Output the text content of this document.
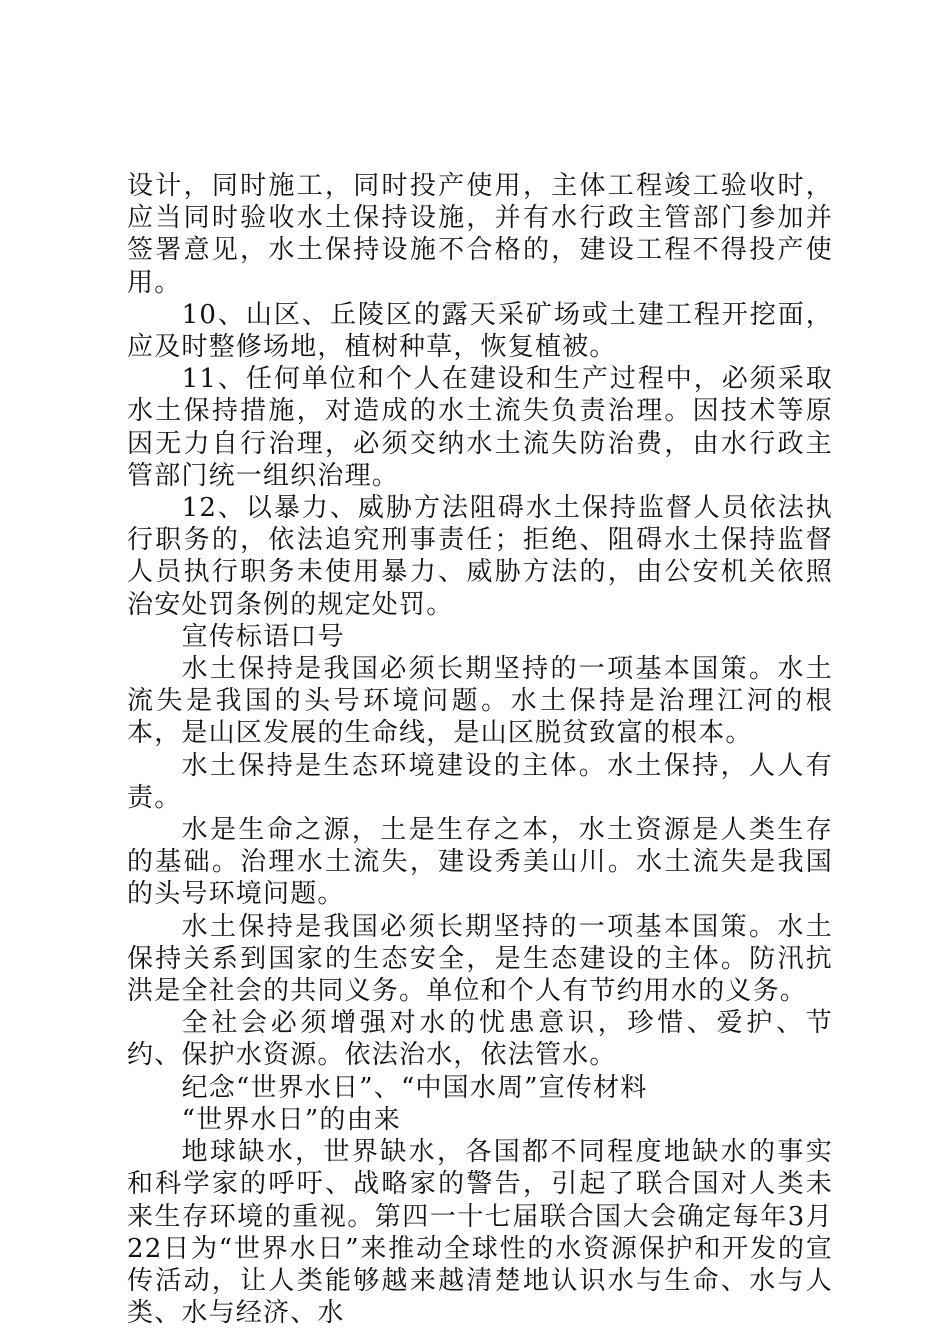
设计，同时施工，同时投产使用，主体工程竣工验收时，应当同时验收水土保持设施，并有水行政主管部门参加并签署意见，水土保持设施不合格的，建设工程不得投产使用。

10、山区、丘陵区的露天采矿场或土建工程开挖面，应及时整修场地，植树种草，恢复植被。

11、任何单位和个人在建设和生产过程中，必须采取水土保持措施，对造成的水土流失负责治理。因技术等原因无力自行治理，必须交纳水土流失防治费，由水行政主管部门统一组织治理。

12、以暴力、威胁方法阻碍水土保持监督人员依法执行职务的，依法追究刑事责任；拒绝、阻碍水土保持监督人员执行职务未使用暴力、威胁方法的，由公安机关依照治安处罚条例的规定处罚。

宣传标语口号

水土保持是我国必须长期坚持的一项基本国策。水土流失是我国的头号环境问题。水土保持是治理江河的根本，是山区发展的生命线，是山区脱贫致富的根本。

水土保持是生态环境建设的主体。水土保持，人人有责。

水是生命之源，土是生存之本，水土资源是人类生存的基础。治理水土流失，建设秀美山川。水土流失是我国的头号环境问题。

水土保持是我国必须长期坚持的一项基本国策。水土保持关系到国家的生态安全，是生态建设的主体。防汛抗洪是全社会的共同义务。单位和个人有节约用水的义务。

全社会必须增强对水的忧患意识，珍惜、爱护、节约、保护水资源。依法治水，依法管水。

纪念“世界水日”、“中国水周”宣传材料

“世界水日”的由来

地球缺水，世界缺水，各国都不同程度地缺水的事实和科学家的呼吁、战略家的警告，引起了联合国对人类未来生存环境的重视。第四一十七届联合国大会确定每年3月22日为“世界水日”来推动全球性的水资源保护和开发的宣传活动，让人类能够越来越清楚地认识水与生命、水与人类、水与经济、水
